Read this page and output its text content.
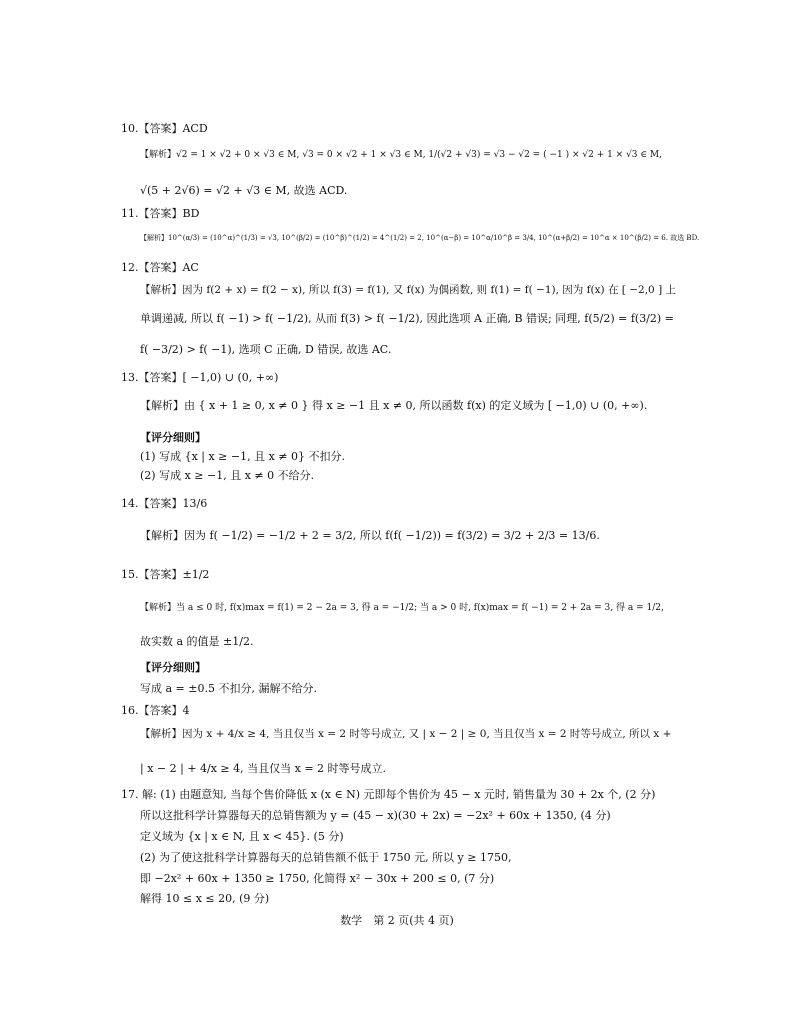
10.【答案】ACD
【解析】√2 = 1 × √2 + 0 × √3 ∈ M, √3 = 0 × √2 + 1 × √3 ∈ M, 1/(√2 + √3) = √3 − √2 = ( −1 ) × √2 + 1 × √3 ∈ M,
√(5 + 2√6) = √2 + √3 ∈ M, 故选 ACD.
11.【答案】BD
【解析】10^(α/3) = (10^α)^(1/3) = √3, 10^(β/2) = (10^β)^(1/2) = 4^(1/2) = 2, 10^(α−β) = 10^α/10^β = 3/4, 10^(α+β/2) = 10^α × 10^(β/2) = 6. 故选 BD.
12.【答案】AC
【解析】因为 f(2 + x) = f(2 − x), 所以 f(3) = f(1), 又 f(x) 为偶函数, 则 f(1) = f( −1), 因为 f(x) 在 [ −2,0 ] 上
单调递减, 所以 f( −1) > f( −1/2), 从而 f(3) > f( −1/2), 因此选项 A 正确, B 错误; 同理, f(5/2) = f(3/2) =
f( −3/2) > f( −1), 选项 C 正确, D 错误, 故选 AC.
13.【答案】[ −1,0) ∪ (0, +∞)
【解析】由 { x + 1 ≥ 0, x ≠ 0 } 得 x ≥ −1 且 x ≠ 0, 所以函数 f(x) 的定义域为 [ −1,0) ∪ (0, +∞).
【评分细则】
(1) 写成 {x | x ≥ −1, 且 x ≠ 0} 不扣分.
(2) 写成 x ≥ −1, 且 x ≠ 0 不给分.
14.【答案】13/6
【解析】因为 f( −1/2) = −1/2 + 2 = 3/2, 所以 f(f( −1/2)) = f(3/2) = 3/2 + 2/3 = 13/6.
15.【答案】±1/2
【解析】当 a ≤ 0 时, f(x)max = f(1) = 2 − 2a = 3, 得 a = −1/2; 当 a > 0 时, f(x)max = f( −1) = 2 + 2a = 3, 得 a = 1/2,
故实数 a 的值是 ±1/2.
【评分细则】
写成 a = ±0.5 不扣分, 漏解不给分.
16.【答案】4
【解析】因为 x + 4/x ≥ 4, 当且仅当 x = 2 时等号成立, 又 | x − 2 | ≥ 0, 当且仅当 x = 2 时等号成立, 所以 x +
| x − 2 | + 4/x ≥ 4, 当且仅当 x = 2 时等号成立.
17. 解: (1) 由题意知, 当每个售价降低 x (x ∈ N) 元即每个售价为 45 − x 元时, 销售量为 30 + 2x 个, (2 分)
所以这批科学计算器每天的总销售额为 y = (45 − x)(30 + 2x) = −2x² + 60x + 1350, (4 分)
定义域为 {x | x ∈ N, 且 x < 45}. (5 分)
(2) 为了使这批科学计算器每天的总销售额不低于 1750 元, 所以 y ≥ 1750,
即 −2x² + 60x + 1350 ≥ 1750, 化简得 x² − 30x + 200 ≤ 0, (7 分)
解得 10 ≤ x ≤ 20, (9 分)
数学　第 2 页(共 4 页)
